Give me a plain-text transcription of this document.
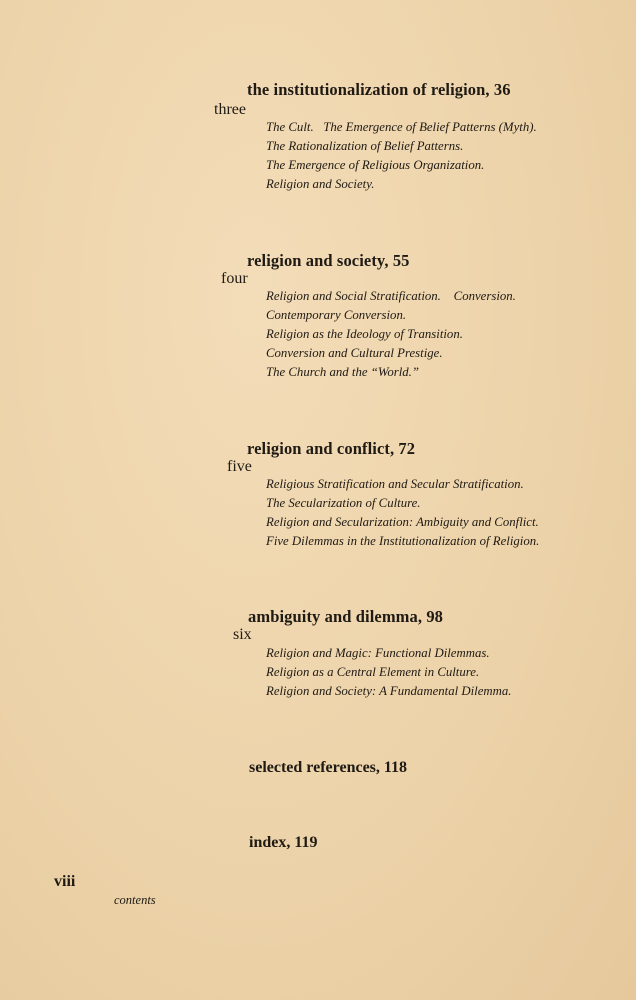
the institutionalization of religion, 36
three
The Cult.   The Emergence of Belief Patterns (Myth).
The Rationalization of Belief Patterns.
The Emergence of Religious Organization.
Religion and Society.
religion and society, 55
four
Religion and Social Stratification.    Conversion.
Contemporary Conversion.
Religion as the Ideology of Transition.
Conversion and Cultural Prestige.
The Church and the “World.”
religion and conflict, 72
five
Religious Stratification and Secular Stratification.
The Secularization of Culture.
Religion and Secularization: Ambiguity and Conflict.
Five Dilemmas in the Institutionalization of Religion.
ambiguity and dilemma, 98
six
Religion and Magic: Functional Dilemmas.
Religion as a Central Element in Culture.
Religion and Society: A Fundamental Dilemma.
selected references, 118
index, 119
viii
contents
